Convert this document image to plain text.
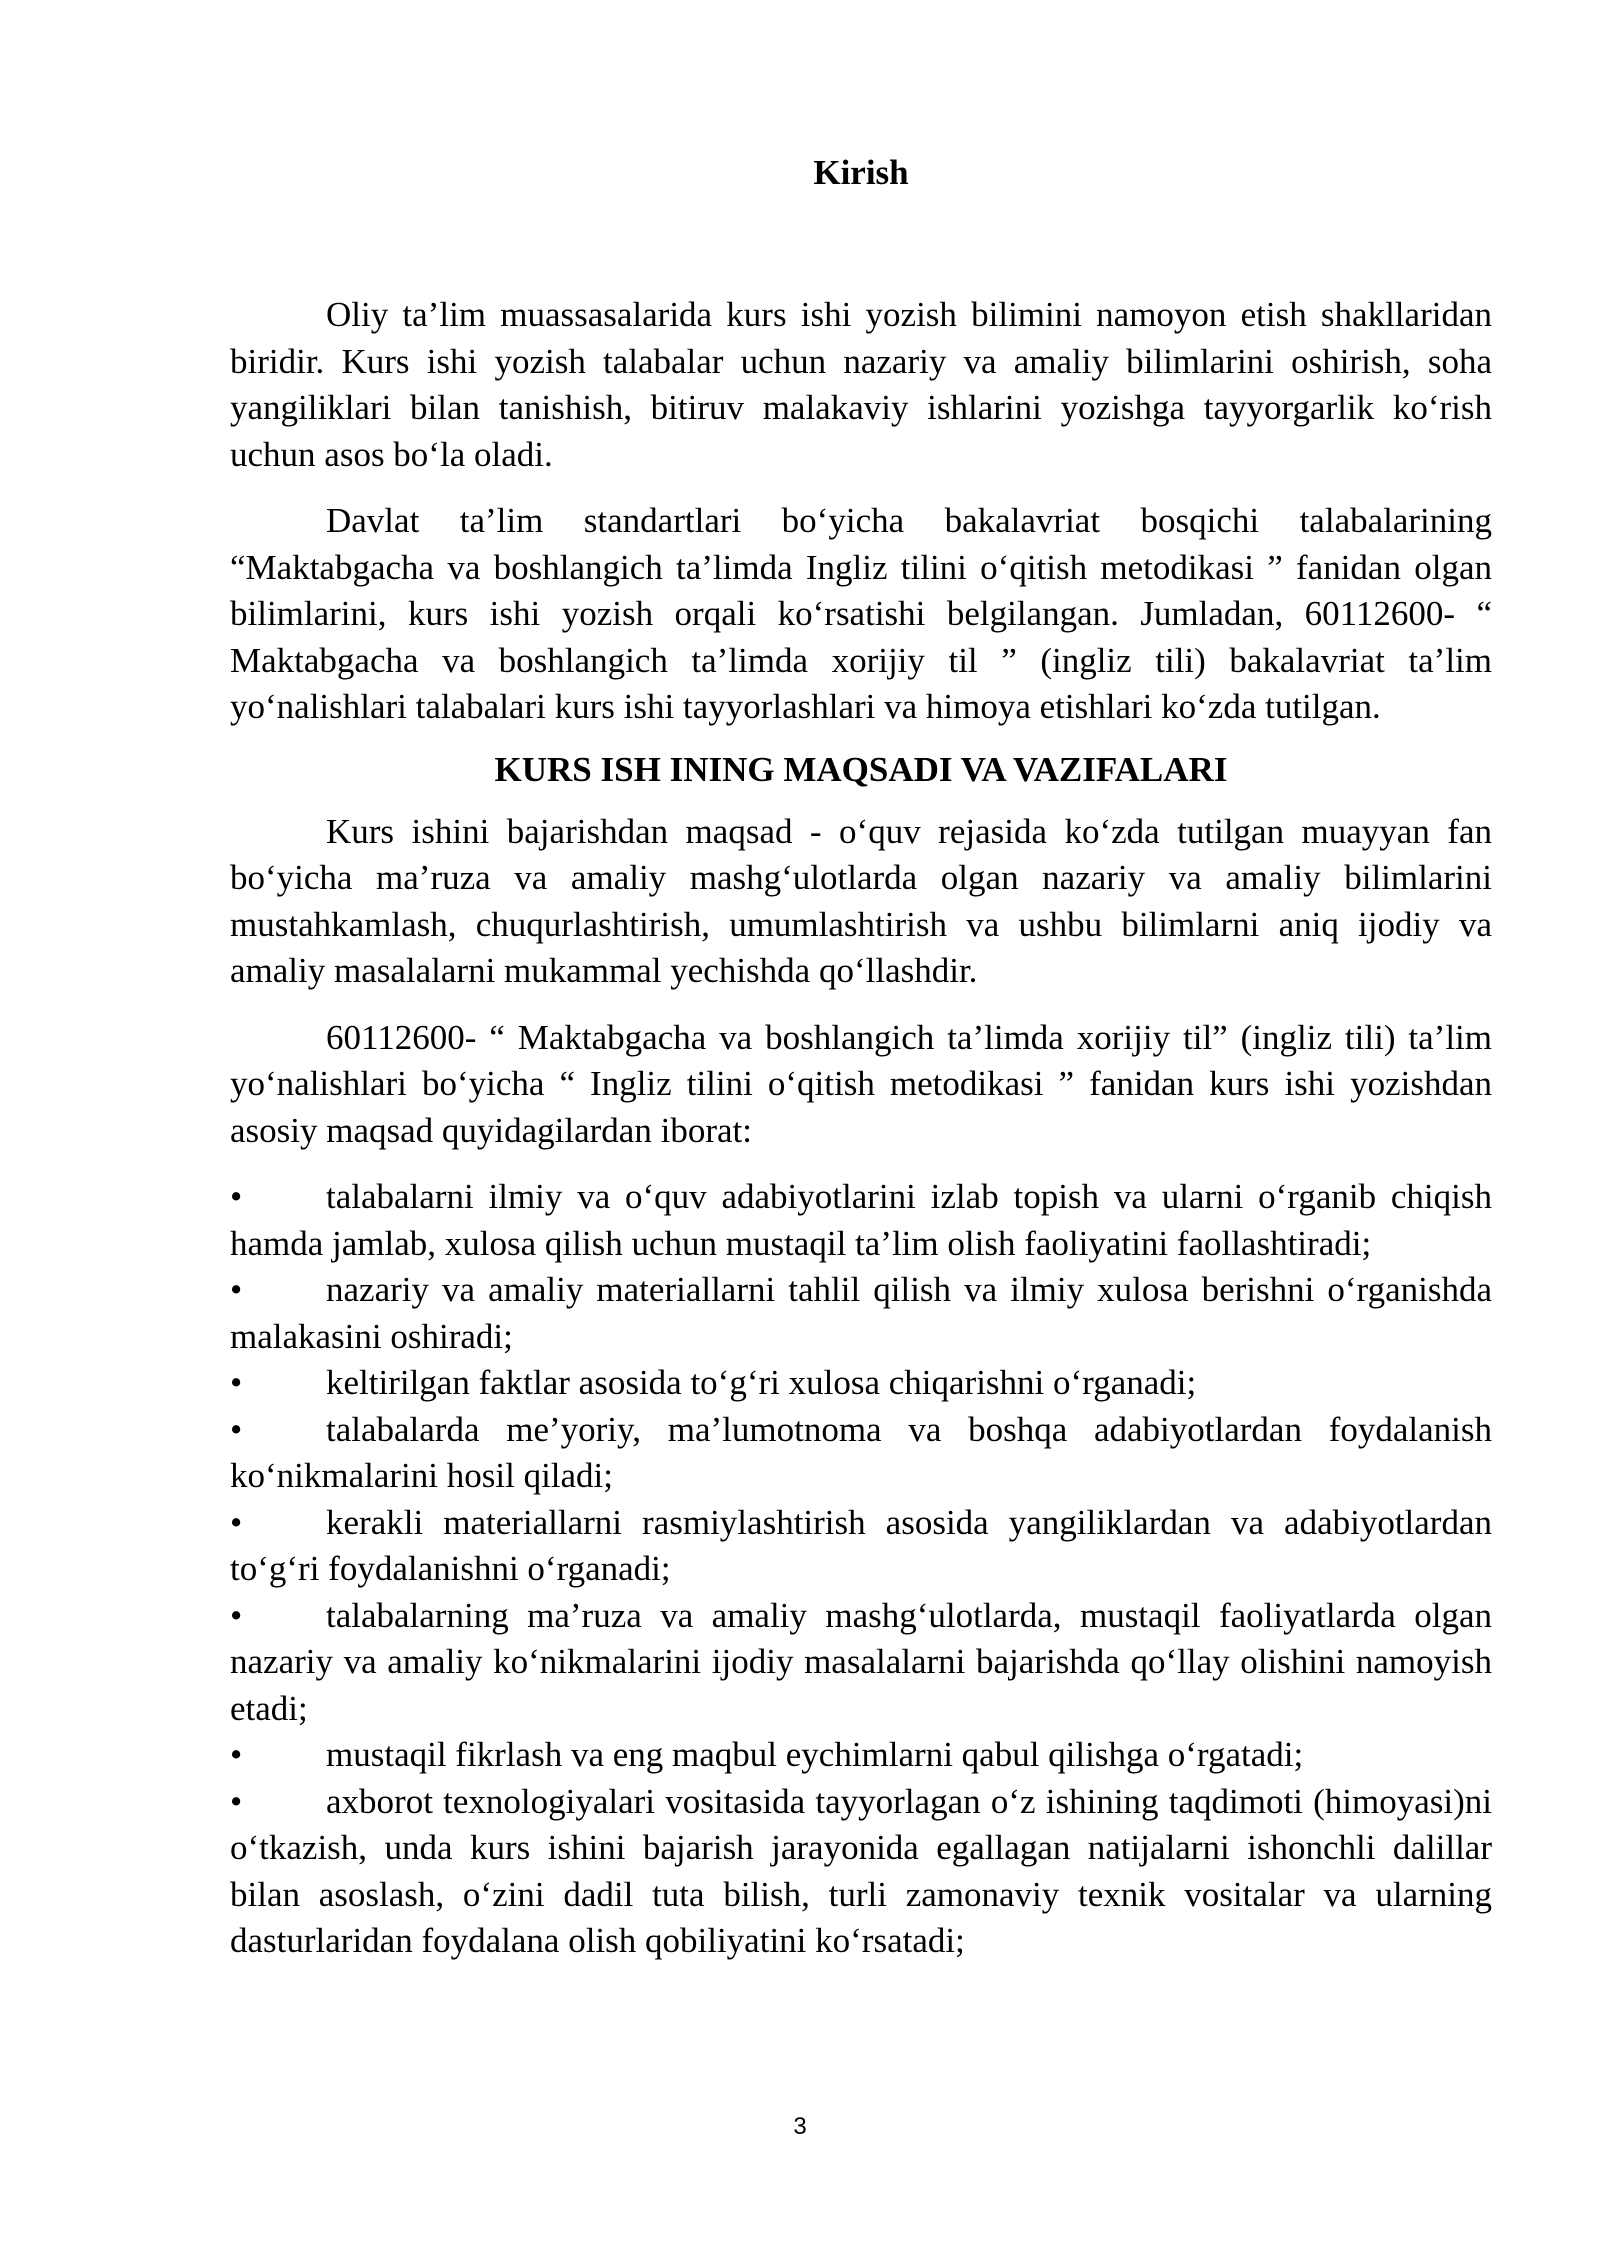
Kirish

Oliy ta’lim muassasalarida kurs ishi yozish bilimini namoyon etish shakllaridan biridir. Kurs ishi yozish talabalar uchun nazariy va amaliy bilimlarini oshirish, soha yangiliklari bilan tanishish, bitiruv malakaviy ishlarini yozishga tayyorgarlik ko‘rish uchun asos bo‘la oladi.

Davlat ta’lim standartlari bo‘yicha bakalavriat bosqichi talabalarining “Maktabgacha va boshlangich ta’limda Ingliz tilini o‘qitish metodikasi ” fanidan olgan bilimlarini, kurs ishi yozish orqali ko‘rsatishi belgilangan. Jumladan, 60112600- “ Maktabgacha va boshlangich ta’limda xorijiy til ” (ingliz tili) bakalavriat ta’lim yo‘nalishlari talabalari kurs ishi tayyorlashlari va himoya etishlari ko‘zda tutilgan.

KURS ISH INING MAQSADI VA VAZIFALARI

Kurs ishini bajarishdan maqsad - o‘quv rejasida ko‘zda tutilgan muayyan fan bo‘yicha ma’ruza va amaliy mashg‘ulotlarda olgan nazariy va amaliy bilimlarini mustahkamlash, chuqurlashtirish, umumlashtirish va ushbu bilimlarni aniq ijodiy va amaliy masalalarni mukammal yechishda qo‘llashdir.

60112600- “ Maktabgacha va boshlangich ta’limda xorijiy til” (ingliz tili) ta’lim yo‘nalishlari bo‘yicha “ Ingliz tilini o‘qitish metodikasi ” fanidan kurs ishi yozishdan asosiy maqsad quyidagilardan iborat:

• talabalarni ilmiy va o‘quv adabiyotlarini izlab topish va ularni o‘rganib chiqish hamda jamlab, xulosa qilish uchun mustaqil ta’lim olish faoliyatini faollashtiradi;

• nazariy va amaliy materiallarni tahlil qilish va ilmiy xulosa berishni o‘rganishda malakasini oshiradi;

• keltirilgan faktlar asosida to‘g‘ri xulosa chiqarishni o‘rganadi;

• talabalarda me’yoriy, ma’lumotnoma va boshqa adabiyotlardan foydalanish ko‘nikmalarini hosil qiladi;

• kerakli materiallarni rasmiylashtirish asosida yangiliklardan va adabiyotlardan to‘g‘ri foydalanishni o‘rganadi;

• talabalarning ma’ruza va amaliy mashg‘ulotlarda, mustaqil faoliyatlarda olgan nazariy va amaliy ko‘nikmalarini ijodiy masalalarni bajarishda qo‘llay olishini namoyish etadi;

• mustaqil fikrlash va eng maqbul eychimlarni qabul qilishga o‘rgatadi;

• axborot texnologiyalari vositasida tayyorlagan o‘z ishining taqdimoti (himoyasi)ni o‘tkazish, unda kurs ishini bajarish jarayonida egallagan natijalarni ishonchli dalillar bilan asoslash, o‘zini dadil tuta bilish, turli zamonaviy texnik vositalar va ularning dasturlaridan foydalana olish qobiliyatini ko‘rsatadi;

3
